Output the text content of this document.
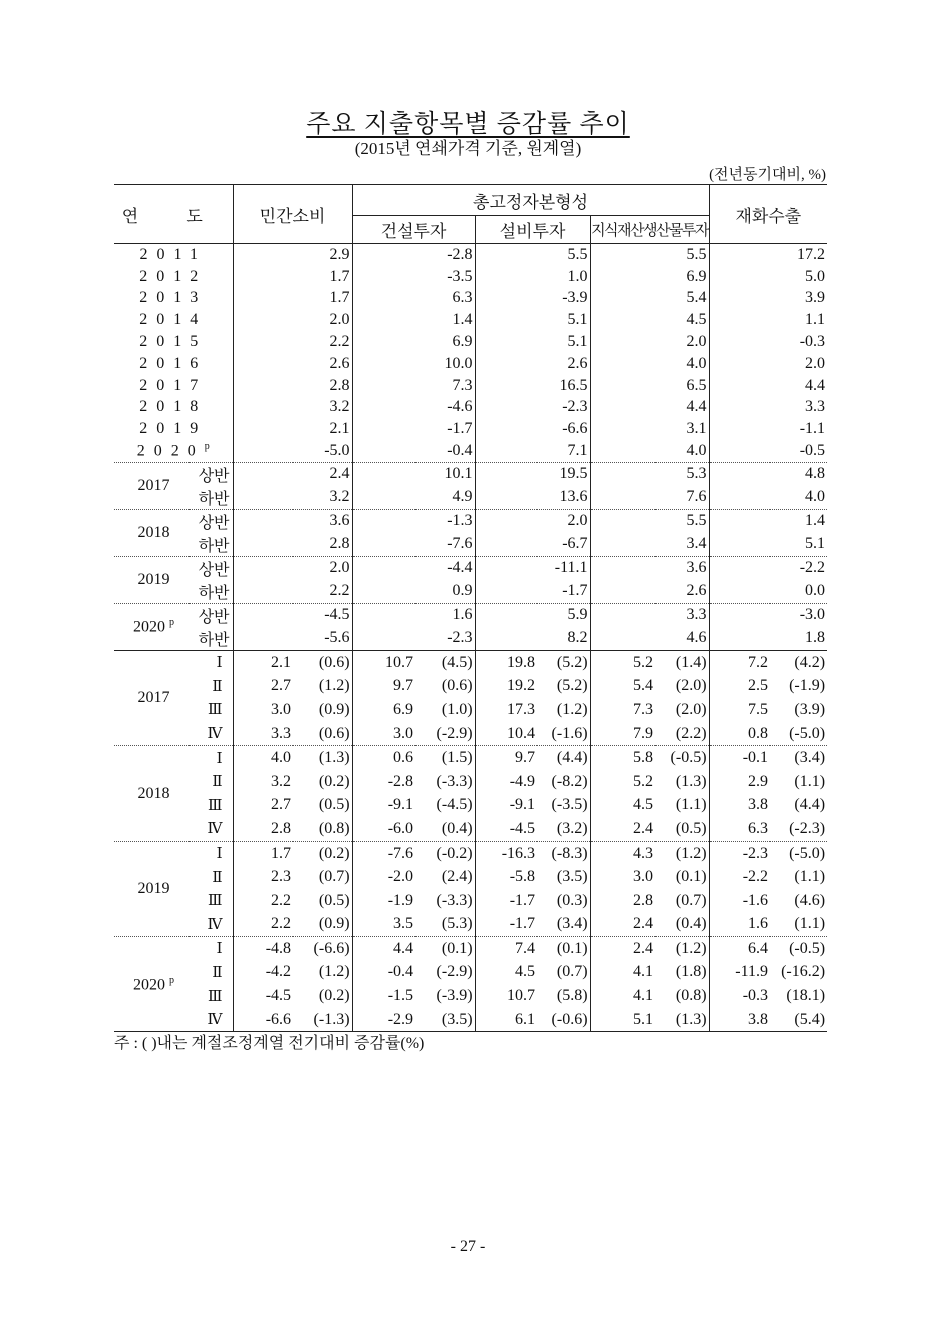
주요 지출항목별 증감률 추이
(2015년 연쇄가격 기준, 원계열)
(전년동기대비, %)
연 도		민간소비		총고정자본형성						재화수출	
				건설투자		설비투자		지식재산생산물투자			
2011		2.9		-2.8		5.5		5.5		17.2	
2012		1.7		-3.5		1.0		6.9		5.0	
2013		1.7		6.3		-3.9		5.4		3.9	
2014		2.0		1.4		5.1		4.5		1.1	
2015		2.2		6.9		5.1		2.0		-0.3	
2016		2.6		10.0		2.6		4.0		2.0	
2017		2.8		7.3		16.5		6.5		4.4	
2018		3.2		-4.6		-2.3		4.4		3.3	
2019		2.1		-1.7		-6.6		3.1		-1.1	
2020$^p$		-5.0		-0.4		7.1		4.0		-0.5	
2017	상반	2.4		10.1		19.5		5.3		4.8	
	하반	3.2		4.9		13.6		7.6		4.0	
2018	상반	3.6		-1.3		2.0		5.5		1.4	
	하반	2.8		-7.6		-6.7		3.4		5.1	
2019	상반	2.0		-4.4		-11.1		3.6		-2.2	
	하반	2.2		0.9		-1.7		2.6		0.0	
2020 $^p$	상반	-4.5		1.6		5.9		3.3		-3.0	
	하반	-5.6		-2.3		8.2		4.6		1.8	
2017	Ⅰ	2.1	(0.6)	10.7	(4.5)	19.8	(5.2)	5.2	(1.4)	7.2	(4.2)
	Ⅱ	2.7	(1.2)	9.7	(0.6)	19.2	(5.2)	5.4	(2.0)	2.5	(-1.9)
	Ⅲ	3.0	(0.9)	6.9	(1.0)	17.3	(1.2)	7.3	(2.0)	7.5	(3.9)
	Ⅳ	3.3	(0.6)	3.0	(-2.9)	10.4	(-1.6)	7.9	(2.2)	0.8	(-5.0)
2018	Ⅰ	4.0	(1.3)	0.6	(1.5)	9.7	(4.4)	5.8	(-0.5)	-0.1	(3.4)
	Ⅱ	3.2	(0.2)	-2.8	(-3.3)	-4.9	(-8.2)	5.2	(1.3)	2.9	(1.1)
	Ⅲ	2.7	(0.5)	-9.1	(-4.5)	-9.1	(-3.5)	4.5	(1.1)	3.8	(4.4)
	Ⅳ	2.8	(0.8)	-6.0	(0.4)	-4.5	(3.2)	2.4	(0.5)	6.3	(-2.3)
2019	Ⅰ	1.7	(0.2)	-7.6	(-0.2)	-16.3	(-8.3)	4.3	(1.2)	-2.3	(-5.0)
	Ⅱ	2.3	(0.7)	-2.0	(2.4)	-5.8	(3.5)	3.0	(0.1)	-2.2	(1.1)
	Ⅲ	2.2	(0.5)	-1.9	(-3.3)	-1.7	(0.3)	2.8	(0.7)	-1.6	(4.6)
	Ⅳ	2.2	(0.9)	3.5	(5.3)	-1.7	(3.4)	2.4	(0.4)	1.6	(1.1)
2020 $^p$	Ⅰ	-4.8	(-6.6)	4.4	(0.1)	7.4	(0.1)	2.4	(1.2)	6.4	(-0.5)
	Ⅱ	-4.2	(1.2)	-0.4	(-2.9)	4.5	(0.7)	4.1	(1.8)	-11.9	(-16.2)
	Ⅲ	-4.5	(0.2)	-1.5	(-3.9)	10.7	(5.8)	4.1	(0.8)	-0.3	(18.1)
	Ⅳ	-6.6	(-1.3)	-2.9	(3.5)	6.1	(-0.6)	5.1	(1.3)	3.8	(5.4)
주 : ( )내는 계절조정계열 전기대비 증감률(%)
- 27 -
